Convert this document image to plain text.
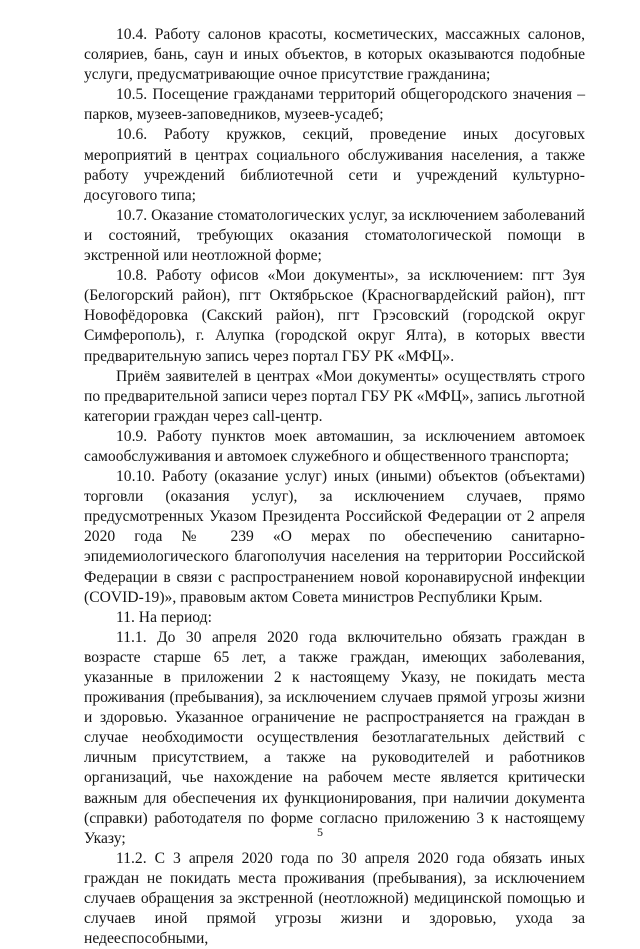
10.4. Работу салонов красоты, косметических, массажных салонов, соляриев, бань, саун и иных объектов, в которых оказываются подобные услуги, предусматривающие очное присутствие гражданина;

10.5. Посещение гражданами территорий общегородского значения – парков, музеев-заповедников, музеев-усадеб;

10.6. Работу кружков, секций, проведение иных досуговых мероприятий в центрах социального обслуживания населения, а также работу учреждений библиотечной сети и учреждений культурно-досугового типа;

10.7. Оказание стоматологических услуг, за исключением заболеваний и состояний, требующих оказания стоматологической помощи в экстренной или неотложной форме;

10.8. Работу офисов «Мои документы», за исключением: пгт Зуя (Белогорский район), пгт Октябрьское (Красногвардейский район), пгт Новофёдоровка (Сакский район), пгт Грэсовский (городской округ Симферополь), г. Алупка (городской округ Ялта), в которых ввести предварительную запись через портал ГБУ РК «МФЦ».

Приём заявителей в центрах «Мои документы» осуществлять строго по предварительной записи через портал ГБУ РК «МФЦ», запись льготной категории граждан через call-центр.

10.9. Работу пунктов моек автомашин, за исключением автомоек самообслуживания и автомоек служебного и общественного транспорта;

10.10. Работу (оказание услуг) иных (иными) объектов (объектами) торговли (оказания услуг), за исключением случаев, прямо предусмотренных Указом Президента Российской Федерации от 2 апреля 2020 года № 239 «О мерах по обеспечению санитарно-эпидемиологического благополучия населения на территории Российской Федерации в связи с распространением новой коронавирусной инфекции (COVID-19)», правовым актом Совета министров Республики Крым.

11. На период:

11.1. До 30 апреля 2020 года включительно обязать граждан в возрасте старше 65 лет, а также граждан, имеющих заболевания, указанные в приложении 2 к настоящему Указу, не покидать места проживания (пребывания), за исключением случаев прямой угрозы жизни и здоровью. Указанное ограничение не распространяется на граждан в случае необходимости осуществления безотлагательных действий с личным присутствием, а также на руководителей и работников организаций, чье нахождение на рабочем месте является критически важным для обеспечения их функционирования, при наличии документа (справки) работодателя по форме согласно приложению 3 к настоящему Указу;

11.2. С 3 апреля 2020 года по 30 апреля 2020 года обязать иных граждан не покидать места проживания (пребывания), за исключением случаев обращения за экстренной (неотложной) медицинской помощью и случаев иной прямой угрозы жизни и здоровью, ухода за недееспособными,

5
